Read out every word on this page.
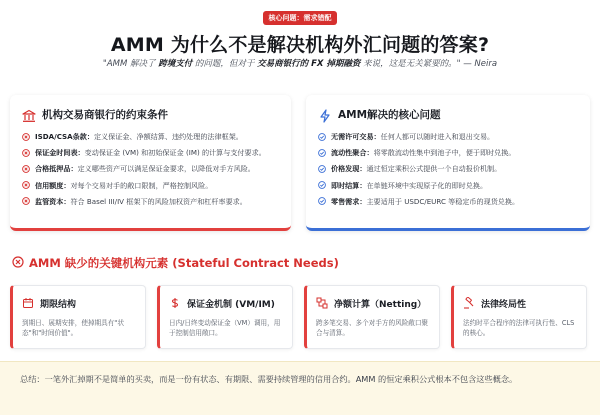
核心问题：需求错配
AMM 为什么不是解决机构外汇问题的答案?
"AMM 解决了 跨境支付 的问题，但对于 交易商银行的 FX 掉期融资 来说，这是无关紧要的。" — Neira
机构交易商银行的约束条件
ISDA/CSA条款：定义保证金、净额结算、违约处理的法律框架。
保证金时间表：变动保证金 (VM) 和初始保证金 (IM) 的计算与支付要求。
合格抵押品：定义哪些资产可以满足保证金要求，以降低对手方风险。
信用额度：对每个交易对手的敞口限制，严格控制风险。
监管资本：符合 Basel III/IV 框架下的风险加权资产和杠杆率要求。
AMM解决的核心问题
无需许可交易：任何人都可以随时进入和退出交易。
流动性聚合：将零散流动性集中到池子中，便于即时兑换。
价格发现：通过恒定乘积公式提供一个自动报价机制。
即时结算：在单链环境中实现原子化的即时兑换。
零售需求：主要适用于 USDC/EURC 等稳定币的现货兑换。
AMM 缺少的关键机构元素 (Stateful Contract Needs)
期限结构
到期日、展期安排，使掉期具有"状态"和"时间价值"。
保证金机制 (VM/IM)
日内/日终变动保证金（VM）调用，用于控制信用敞口。
净额计算（Netting）
跨多笔交易、多个对手方的风险敞口聚合与清算。
法律终局性
法约时平合程序的法律可执行性、CLS的核心。
总结：一笔外汇掉期不是简单的买卖，而是一份有状态、有期限、需要持续管理的信用合约。AMM 的恒定乘积公式根本不包含这些概念。
